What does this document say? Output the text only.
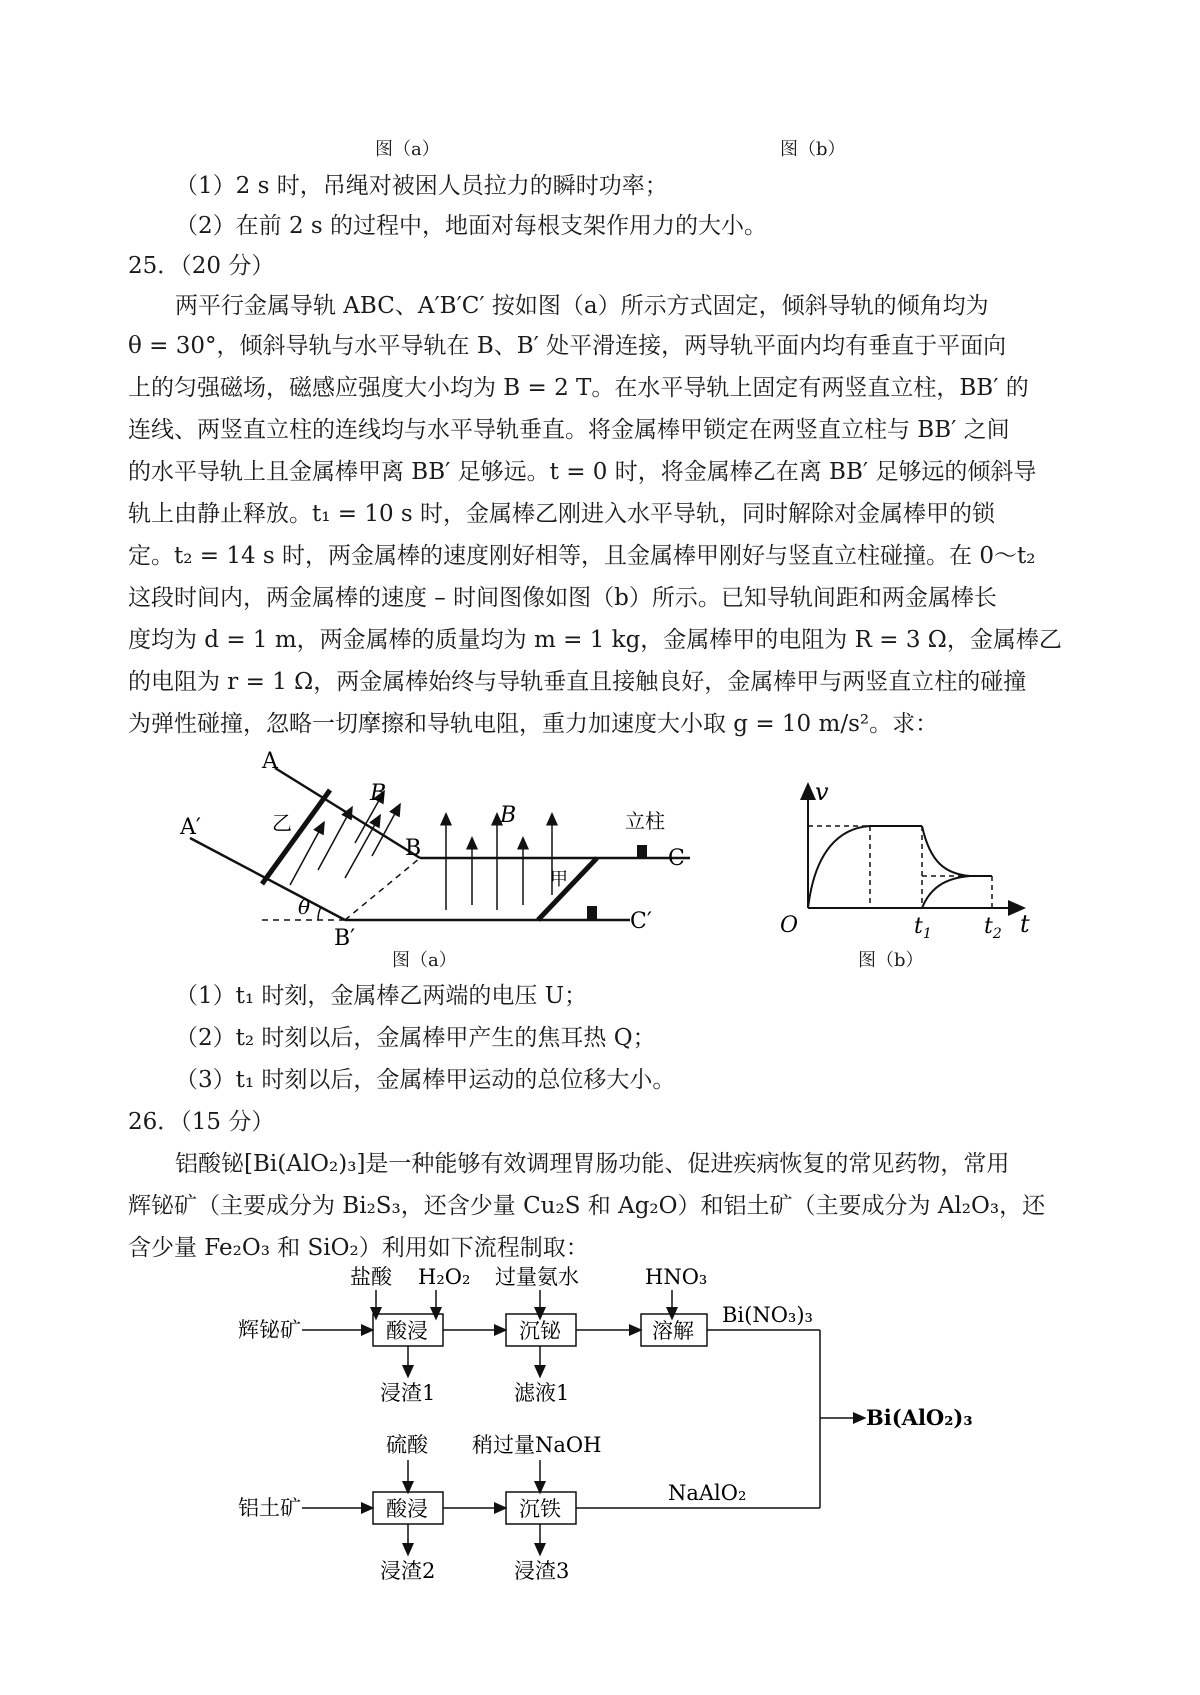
图（a）	图（b）
（1）2 s 时，吊绳对被困人员拉力的瞬时功率；
（2）在前 2 s 的过程中，地面对每根支架作用力的大小。
25．（20 分）
两平行金属导轨 ABC、A′B′C′ 按如图（a）所示方式固定，倾斜导轨的倾角均为
θ = 30°，倾斜导轨与水平导轨在 B、B′ 处平滑连接，两导轨平面内均有垂直于平面向
上的匀强磁场，磁感应强度大小均为 B = 2 T。在水平导轨上固定有两竖直立柱，BB′ 的
连线、两竖直立柱的连线均与水平导轨垂直。将金属棒甲锁定在两竖直立柱与 BB′ 之间
的水平导轨上且金属棒甲离 BB′ 足够远。t = 0 时，将金属棒乙在离 BB′ 足够远的倾斜导
轨上由静止释放。t₁ = 10 s 时，金属棒乙刚进入水平导轨，同时解除对金属棒甲的锁
定。t₂ = 14 s 时，两金属棒的速度刚好相等，且金属棒甲刚好与竖直立柱碰撞。在 0～t₂
这段时间内，两金属棒的速度 – 时间图像如图（b）所示。已知导轨间距和两金属棒长
度均为 d = 1 m，两金属棒的质量均为 m = 1 kg，金属棒甲的电阻为 R = 3 Ω，金属棒乙
的电阻为 r = 1 Ω，两金属棒始终与导轨垂直且接触良好，金属棒甲与两竖直立柱的碰撞
为弹性碰撞，忽略一切摩擦和导轨电阻，重力加速度大小取 g = 10 m/s²。求：
A
A′
B
B′
C
C′
乙
甲
θ
B
B	立柱
图（a）
v
O	$t_1$ $t_2$ t
图（b）
（1）t₁ 时刻，金属棒乙两端的电压 U；
（2）t₂ 时刻以后，金属棒甲产生的焦耳热 Q；
（3）t₁ 时刻以后，金属棒甲运动的总位移大小。
26．（15 分）
铝酸铋[Bi(AlO₂)₃]是一种能够有效调理胃肠功能、促进疾病恢复的常见药物，常用
辉铋矿（主要成分为 Bi₂S₃，还含少量 Cu₂S 和 Ag₂O）和铝土矿（主要成分为 Al₂O₃，还
含少量 Fe₂O₃ 和 SiO₂）利用如下流程制取：
盐酸 H₂O₂ 过量氨水	HNO₃
辉铋矿	酸浸	沉铋	溶解
Bi(NO₃)₃
浸渣1	滤液1
Bi(AlO₂)₃
硫酸 稍过量NaOH
铝土矿	酸浸	沉铁
NaAlO₂
浸渣2	浸渣3
